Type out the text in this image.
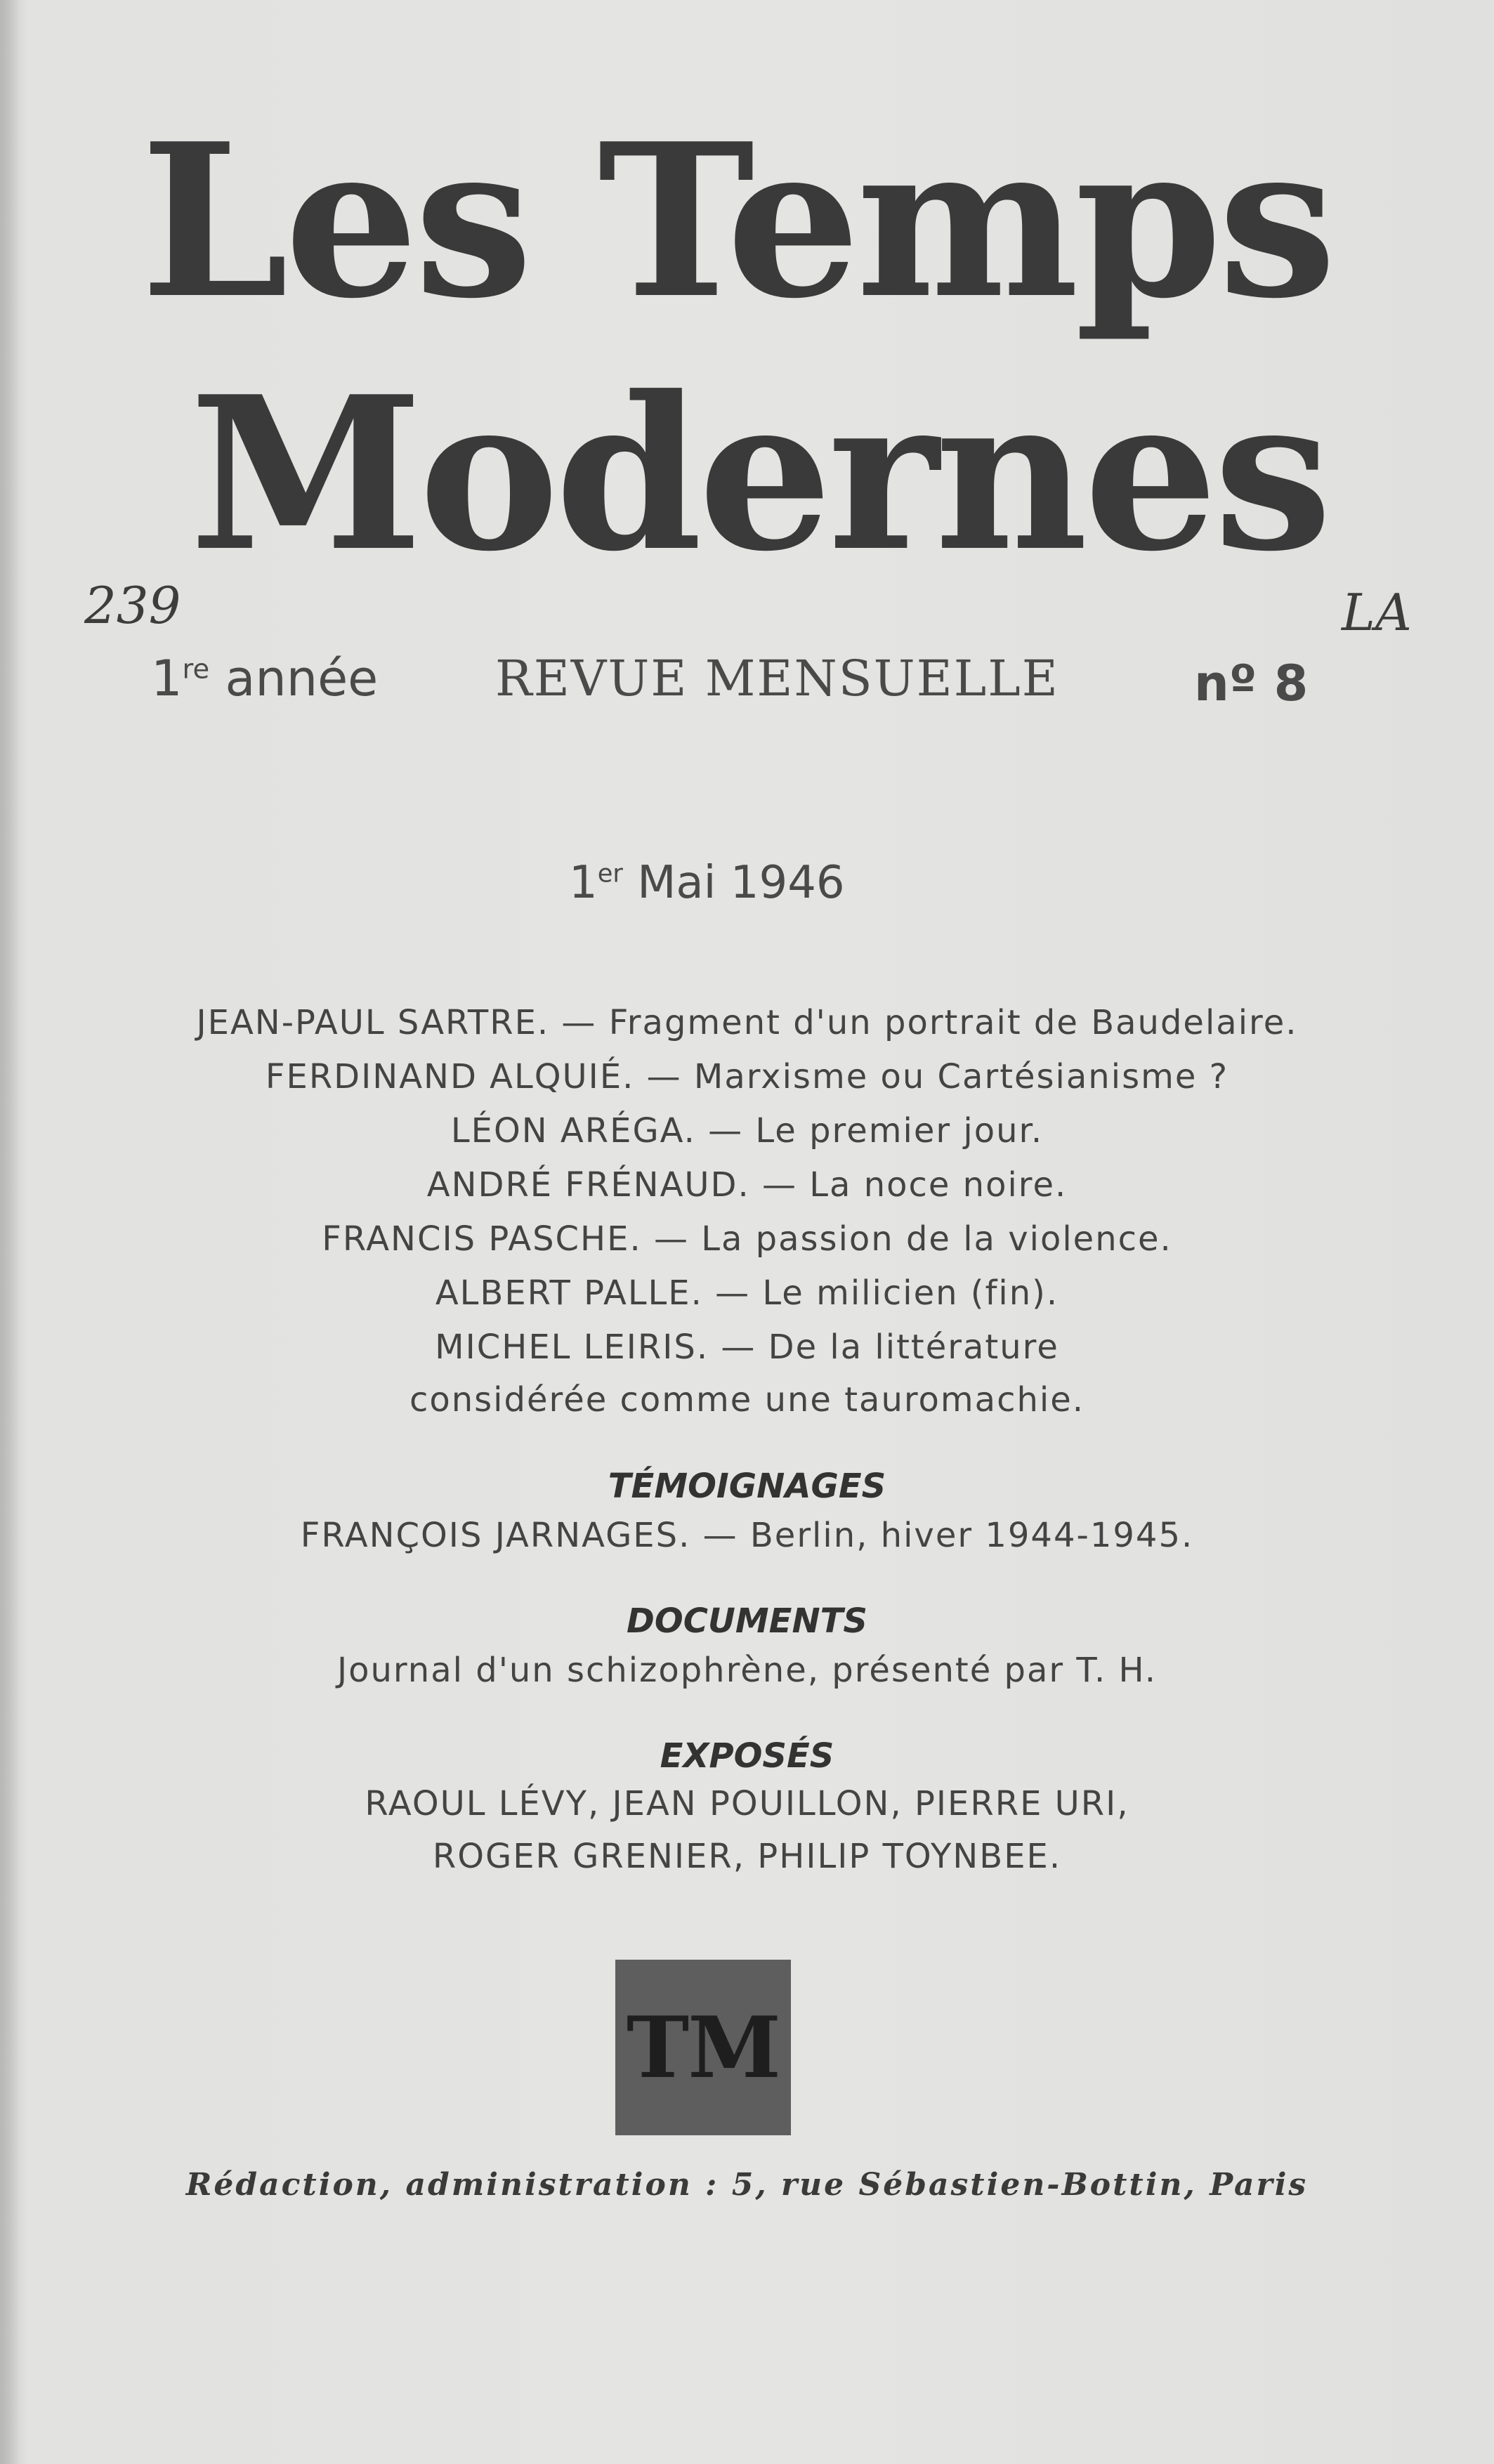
Les Temps
Modernes
239	LA
1re année REVUE MENSUELLE	nº 8
1er Mai 1946
JEAN-PAUL SARTRE. — Fragment d'un portrait de Baudelaire.
FERDINAND ALQUIÉ. — Marxisme ou Cartésianisme ?
LÉON ARÉGA. — Le premier jour.
ANDRÉ FRÉNAUD. — La noce noire.
FRANCIS PASCHE. — La passion de la violence.
ALBERT PALLE. — Le milicien (fin).
MICHEL LEIRIS. — De la littérature
considérée comme une tauromachie.
TÉMOIGNAGES
FRANÇOIS JARNAGES. — Berlin, hiver 1944-1945.
DOCUMENTS
Journal d'un schizophrène, présenté par T. H.
EXPOSÉS
RAOUL LÉVY, JEAN POUILLON, PIERRE URI,
ROGER GRENIER, PHILIP TOYNBEE.
TM
Rédaction, administration : 5, rue Sébastien-Bottin, Paris
